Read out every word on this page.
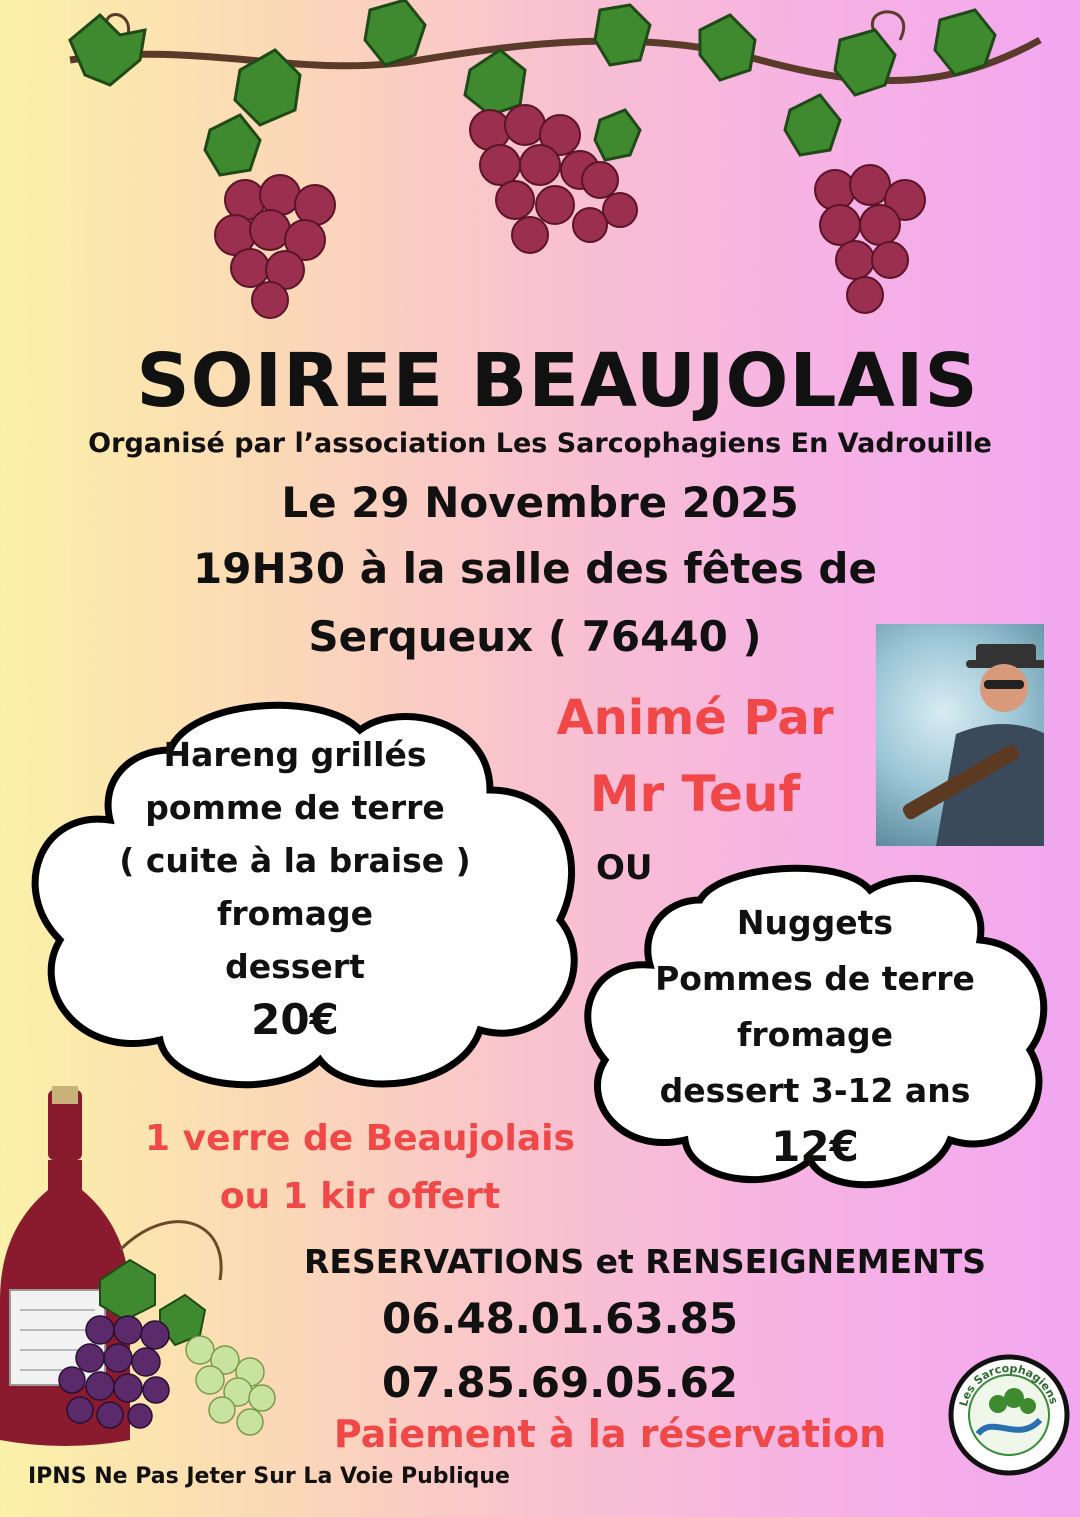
SOIREE BEAUJOLAIS
Organisé par l’association Les Sarcophagiens En Vadrouille
Le 29 Novembre 2025
19H30 à la salle des fêtes de
Serqueux ( 76440 )
Animé Par
Mr Teuf
OU
Hareng grillés
pomme de terre
( cuite à la braise )
fromage
dessert
20€
Nuggets
Pommes de terre
fromage
dessert 3-12 ans
12€
1 verre de Beaujolais
ou 1 kir offert
RESERVATIONS et RENSEIGNEMENTS
06.48.01.63.85
07.85.69.05.62
Paiement à la réservation
IPNS Ne Pas Jeter Sur La Voie Publique
Les Sarcophagiens
